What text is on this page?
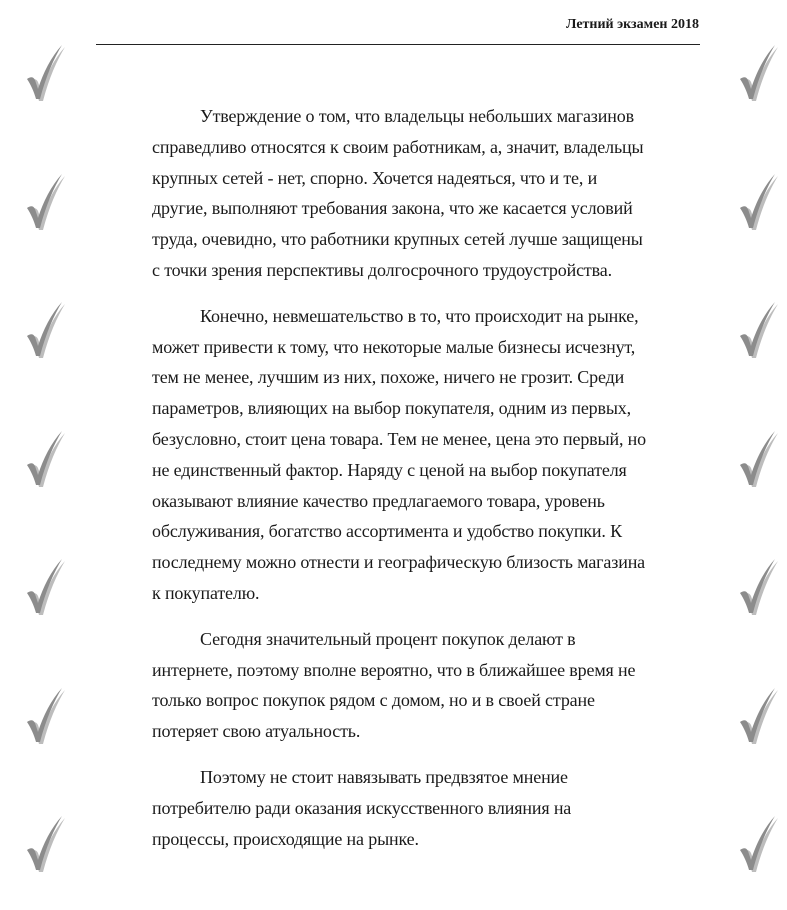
Летний экзамен 2018

Утверждение о том, что владельцы небольших магазинов справедливо относятся к своим работникам, а, значит, владельцы крупных сетей - нет, спорно. Хочется надеяться, что и те, и другие, выполняют требования закона, что же касается условий труда, очевидно, что работники крупных сетей лучше защищены с точки зрения перспективы долгосрочного трудоустройства.

Конечно, невмешательство в то, что происходит на рынке, может привести к тому, что некоторые малые бизнесы исчезнут, тем не менее, лучшим из них, похоже, ничего не грозит. Среди параметров, влияющих на выбор покупателя, одним из первых, безусловно, стоит цена товара. Тем не менее, цена это первый, но не единственный фактор. Наряду с ценой на выбор покупателя оказывают влияние качество предлагаемого товара, уровень обслуживания, богатство ассортимента и удобство покупки. К последнему можно отнести и географическую близость магазина к покупателю.

Сегодня значительный процент покупок делают в интернете, поэтому вполне вероятно, что в ближайшее время не только вопрос покупок рядом с домом, но и в своей стране потеряет свою атуальность.

Поэтому не стоит навязывать предвзятое мнение потребителю ради оказания искусственного влияния на процессы, происходящие на рынке.
